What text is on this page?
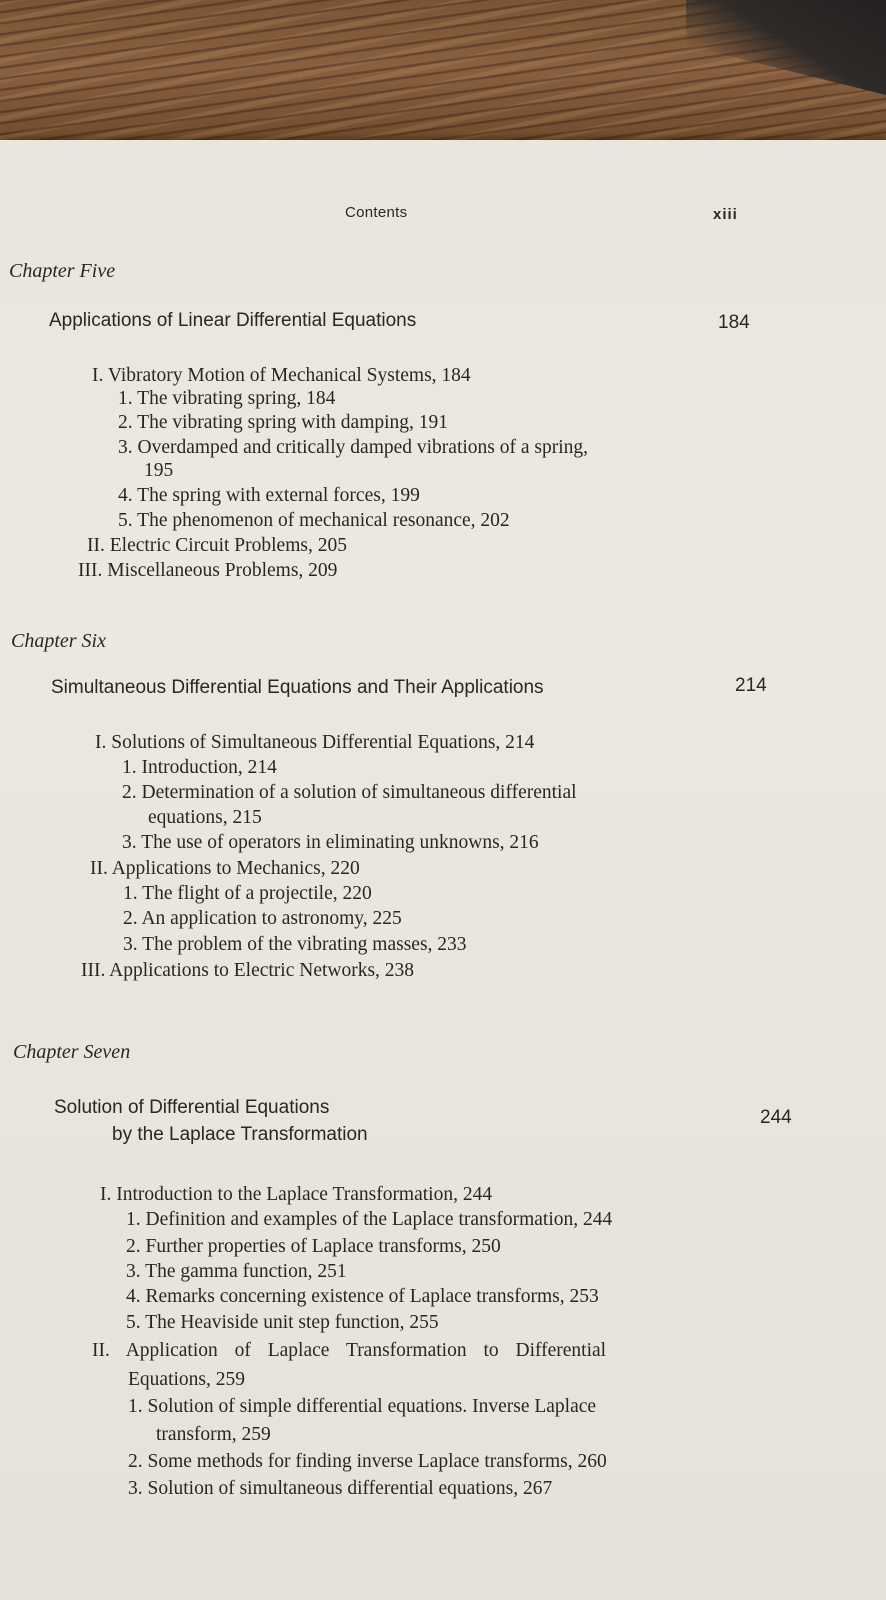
Contents	xiii
Chapter Five
Applications of Linear Differential Equations	184
I. Vibratory Motion of Mechanical Systems, 184
1. The vibrating spring, 184
2. The vibrating spring with damping, 191
3. Overdamped and critically damped vibrations of a spring,
195
4. The spring with external forces, 199
5. The phenomenon of mechanical resonance, 202
II. Electric Circuit Problems, 205
III. Miscellaneous Problems, 209
Chapter Six
Simultaneous Differential Equations and Their Applications	214
I. Solutions of Simultaneous Differential Equations, 214
1. Introduction, 214
2. Determination of a solution of simultaneous differential
equations, 215
3. The use of operators in eliminating unknowns, 216
II. Applications to Mechanics, 220
1. The flight of a projectile, 220
2. An application to astronomy, 225
3. The problem of the vibrating masses, 233
III. Applications to Electric Networks, 238
Chapter Seven
Solution of Differential Equations
by the Laplace Transformation
244
I. Introduction to the Laplace Transformation, 244
1. Definition and examples of the Laplace transformation, 244
2. Further properties of Laplace transforms, 250
3. The gamma function, 251
4. Remarks concerning existence of Laplace transforms, 253
5. The Heaviside unit step function, 255
II. Application of Laplace Transformation to Differential
Equations, 259
1. Solution of simple differential equations. Inverse Laplace
transform, 259
2. Some methods for finding inverse Laplace transforms, 260
3. Solution of simultaneous differential equations, 267
